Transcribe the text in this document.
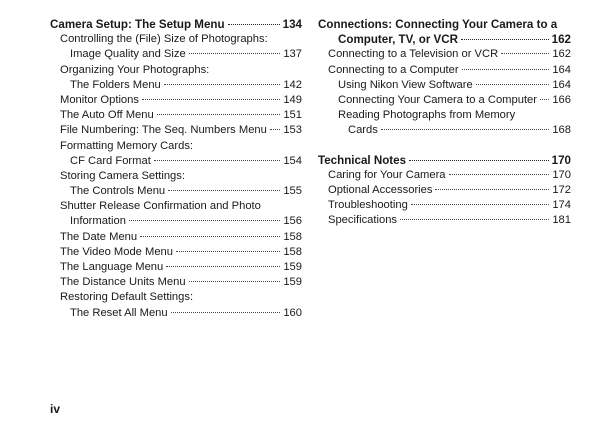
Camera Setup: The Setup Menu	134
Controlling the (File) Size of Photographs:
Image Quality and Size	137
Organizing Your Photographs:
The Folders Menu	142
Monitor Options	149
The Auto Off Menu	151
File Numbering: The Seq. Numbers Menu 153
Formatting Memory Cards:
CF Card Format	154
Storing Camera Settings:
The Controls Menu	155
Shutter Release Confirmation and Photo
Information	156
The Date Menu	158
The Video Mode Menu	158
The Language Menu	159
The Distance Units Menu	159
Restoring Default Settings:
The Reset All Menu	160
Connections: Connecting Your Camera to a
Computer, TV, or VCR	162
Connecting to a Television or VCR	162
Connecting to a Computer	164
Using Nikon View Software	164
Connecting Your Camera to a Computer 166
Reading Photographs from Memory
Cards	168
Technical Notes	170
Caring for Your Camera	170
Optional Accessories	172
Troubleshooting	174
Specifications	181
iv
